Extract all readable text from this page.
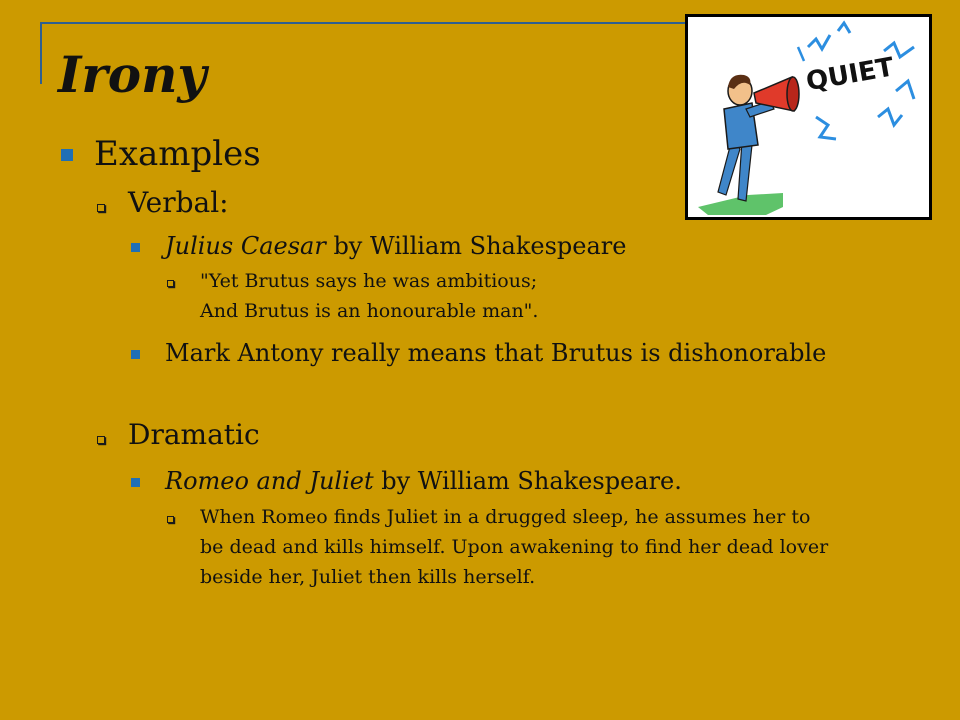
Irony	QUIET
Examples
Verbal:
Julius Caesar by William Shakespeare
"Yet Brutus says he was ambitious;
And Brutus is an honourable man".
Mark Antony really means that Brutus is dishonorable
Dramatic
Romeo and Juliet by William Shakespeare.
When Romeo finds Juliet in a drugged sleep, he assumes her to
be dead and kills himself. Upon awakening to find her dead lover
beside her, Juliet then kills herself.
